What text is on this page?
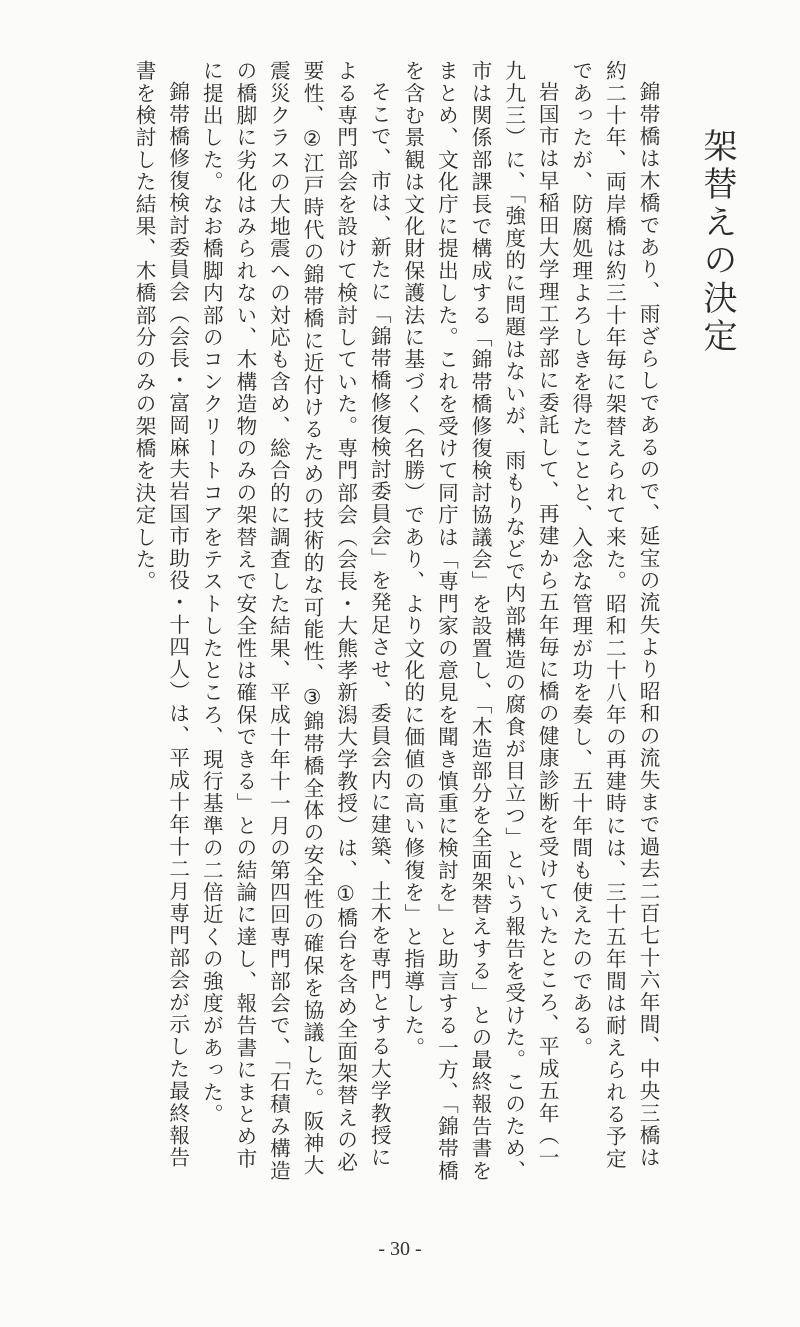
架替えの決定

錦帯橋は木橋であり、雨ざらしであるので、延宝の流失より昭和の流失まで過去二百七十六年間、中央三橋は約二十年、両岸橋は約三十年毎に架替えられて来た。昭和二十八年の再建時には、三十五年間は耐えられる予定であったが、防腐処理よろしきを得たことと、入念な管理が功を奏し、五十年間も使えたのである。

岩国市は早稲田大学理工学部に委託して、再建から五年毎に橋の健康診断を受けていたところ、平成五年（一九九三）に、「強度的に問題はないが、雨もりなどで内部構造の腐食が目立つ」という報告を受けた。このため、市は関係部課長で構成する「錦帯橋修復検討協議会」を設置し、「木造部分を全面架替えする」との最終報告書をまとめ、文化庁に提出した。これを受けて同庁は「専門家の意見を聞き慎重に検討を」と助言する一方、「錦帯橋を含む景観は文化財保護法に基づく（名勝）であり、より文化的に価値の高い修復を」と指導した。

そこで、市は、新たに「錦帯橋修復検討委員会」を発足させ、委員会内に建築、土木を専門とする大学教授による専門部会を設けて検討していた。専門部会（会長・大熊孝新潟大学教授）は、①橋台を含め全面架替えの必要性、②江戸時代の錦帯橋に近付けるための技術的な可能性、③錦帯橋全体の安全性の確保を協議した。阪神大震災クラスの大地震への対応も含め、総合的に調査した結果、平成十年十一月の第四回専門部会で、「石積み構造の橋脚に劣化はみられない、木構造物のみの架替えで安全性は確保できる」との結論に達し、報告書にまとめ市に提出した。なお橋脚内部のコンクリートコアをテストしたところ、現行基準の二倍近くの強度があった。

錦帯橋修復検討委員会（会長・富岡麻夫岩国市助役・十四人）は、平成十年十二月専門部会が示した最終報告書を検討した結果、木橋部分のみの架橋を決定した。

- 30 -
